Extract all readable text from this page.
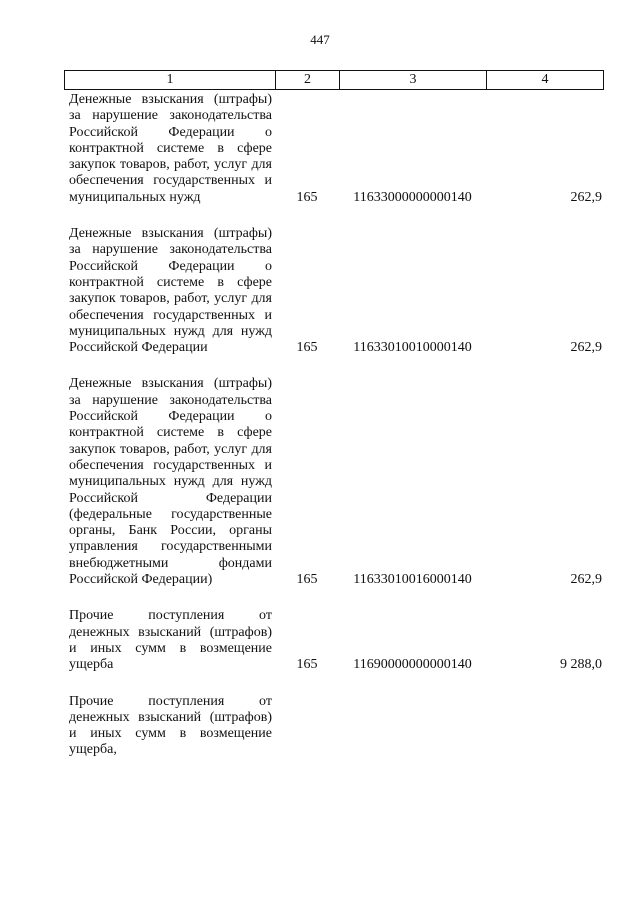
447
1	2	3	4
Денежные взыскания (штрафы) за нарушение законодательства Российской Федерации о контрактной системе в сфере закупок товаров, работ, услуг для обеспечения государственных и муниципальных нужд	165	11633000000000140	262,9
Денежные взыскания (штрафы) за нарушение законодательства Российской Федерации о контрактной системе в сфере закупок товаров, работ, услуг для обеспечения государственных и муниципальных нужд для нужд Российской Федерации	165	11633010010000140	262,9
Денежные взыскания (штрафы) за нарушение законодательства Российской Федерации о контрактной системе в сфере закупок товаров, работ, услуг для обеспечения государственных и муниципальных нужд для нужд Российской Федерации (федеральные государственные органы, Банк России, органы управления государственными внебюджетными фондами Российской Федерации)	165	11633010016000140	262,9
Прочие поступления от денежных взысканий (штрафов) и иных сумм в возмещение ущерба	165	11690000000000140	9 288,0
Прочие поступления от денежных взысканий (штрафов) и иных сумм в возмещение ущерба,
